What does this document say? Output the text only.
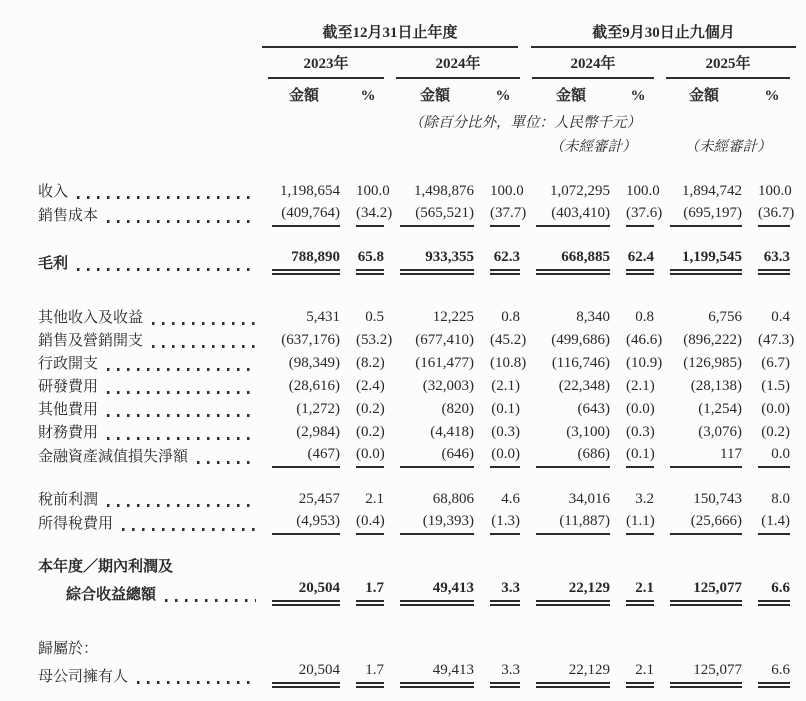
截至12月31日止年度	截至9月30日止九個月
2023年	2024年	2024年	2025年
金額	%	金額	%	金額	%	金額	%
（除百分比外，單位：人民幣千元）
（未經審計）	（未經審計）
收入	1,198,654 100.0	1,498,876 100.0	1,072,295 100.0	1,894,742 100.0
銷售成本	(409,764) (34.2)	(565,521) (37.7)	(403,410) (37.6)	(695,197) (36.7)
毛利	788,890 65.8	933,355 62.3	668,885 62.4	1,199,545	63.3
其他收入及收益	5,431	0.5	12,225	0.8	8,340	0.8	6,756	0.4
銷售及營銷開支	(637,176) (53.2)	(677,410) (45.2)	(499,686) (46.6)	(896,222) (47.3)
行政開支	(98,349) (8.2)	(161,477) (10.8)	(116,746) (10.9)	(126,985) (6.7)
研發費用	(28,616) (2.4)	(32,003) (2.1)	(22,348) (2.1)	(28,138) (1.5)
其他費用	(1,272) (0.2)	(820) (0.1)	(643) (0.0)	(1,254) (0.0)
財務費用	(2,984) (0.2)	(4,418) (0.3)	(3,100) (0.3)	(3,076) (0.2)
金融資產減值損失淨額	(467) (0.0)	(646) (0.0)	(686) (0.1)	117	0.0
稅前利潤	25,457	2.1	68,806	4.6	34,016	3.2	150,743	8.0
所得稅費用	(4,953) (0.4)	(19,393) (1.3)	(11,887) (1.1)	(25,666) (1.4)
本年度／期內利潤及
綜合收益總額	20,504	1.7	49,413	3.3	22,129	2.1	125,077	6.6
歸屬於：
母公司擁有人	20,504	1.7	49,413	3.3	22,129	2.1	125,077	6.6
